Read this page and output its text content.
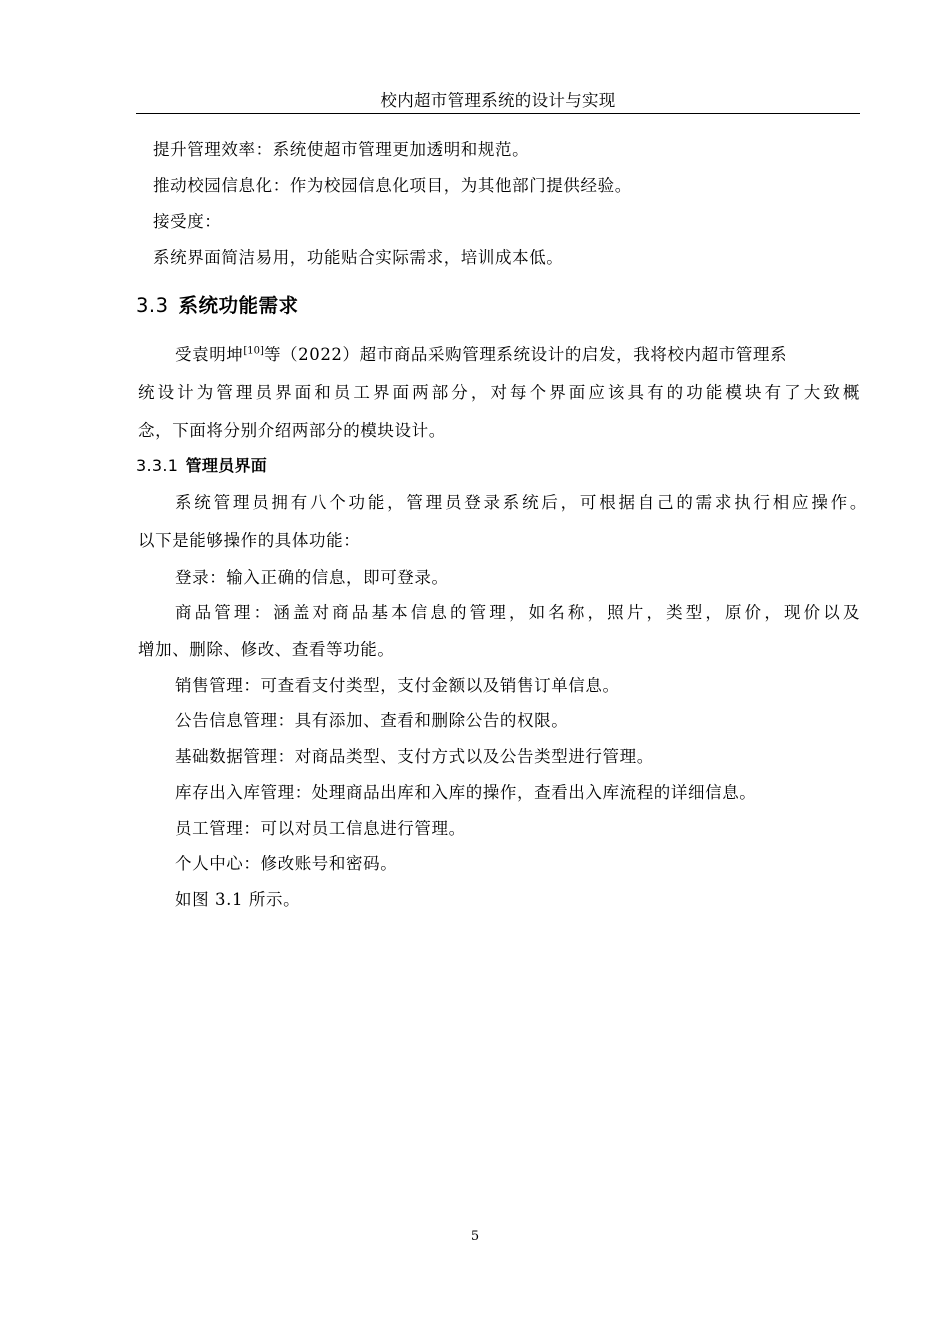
校内超市管理系统的设计与实现
提升管理效率：系统使超市管理更加透明和规范。
推动校园信息化：作为校园信息化项目，为其他部门提供经验。
接受度：
系统界面简洁易用，功能贴合实际需求，培训成本低。
3.3 系统功能需求
受袁明坤[10]等（2022）超市商品采购管理系统设计的启发，我将校内超市管理系
统设计为管理员界面和员工界面两部分，对每个界面应该具有的功能模块有了大致概
念，下面将分别介绍两部分的模块设计。
3.3.1 管理员界面
系统管理员拥有八个功能，管理员登录系统后，可根据自己的需求执行相应操作。
以下是能够操作的具体功能：
登录：输入正确的信息，即可登录。
商品管理：涵盖对商品基本信息的管理，如名称，照片，类型，原价，现价以及
增加、删除、修改、查看等功能。
销售管理：可查看支付类型，支付金额以及销售订单信息。
公告信息管理：具有添加、查看和删除公告的权限。
基础数据管理：对商品类型、支付方式以及公告类型进行管理。
库存出入库管理：处理商品出库和入库的操作，查看出入库流程的详细信息。
员工管理：可以对员工信息进行管理。
个人中心：修改账号和密码。
如图 3.1 所示。
5
